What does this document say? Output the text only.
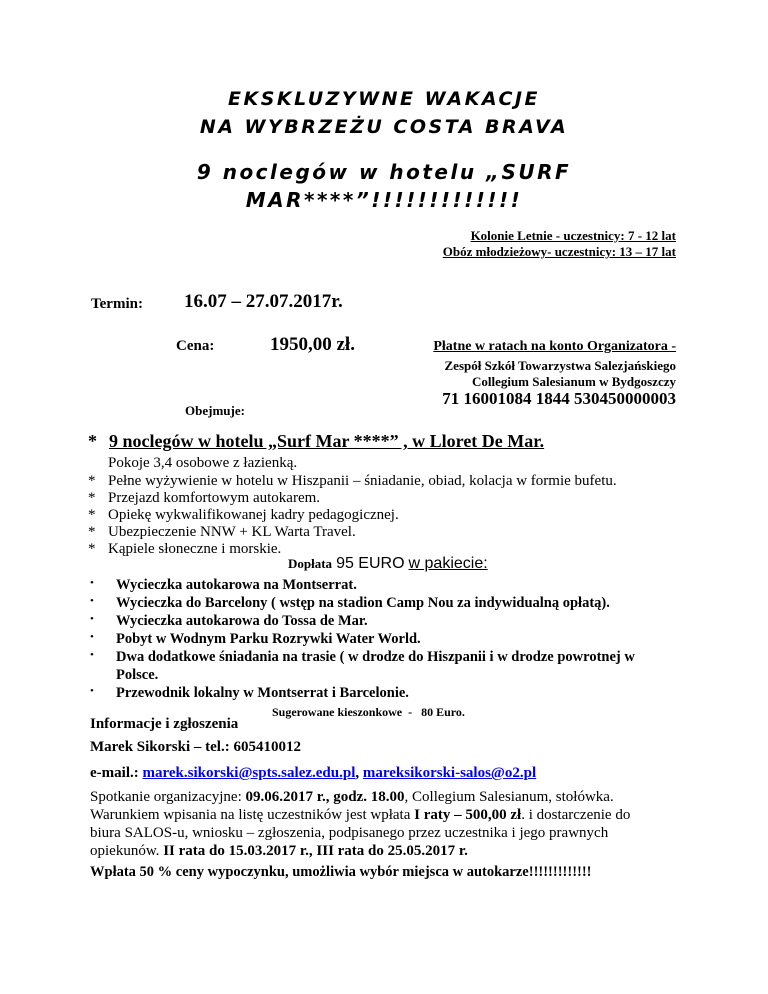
EKSKLUZYWNE WAKACJE
NA WYBRZEŻU COSTA BRAVA
9 noclegów w hotelu „SURF
MAR****”!!!!!!!!!!!!!
Kolonie Letnie - uczestnicy: 7 - 12 lat
Obóz młodzieżowy- uczestnicy: 13 – 17 lat
Termin: 16.07 – 27.07.2017r.
Cena:	1950,00 zł.	Płatne w ratach na konto Organizatora -
Zespół Szkół Towarzystwa Salezjańskiego
Collegium Salesianum w Bydgoszczy
71 16001084 1844 530450000003
Obejmuje:
* 9 noclegów w hotelu „Surf Mar ****” , w Lloret De Mar.
Pokoje 3,4 osobowe z łazienką.
* Pełne wyżywienie w hotelu w Hiszpanii – śniadanie, obiad, kolacja w formie bufetu.
* Przejazd komfortowym autokarem.
* Opiekę wykwalifikowanej kadry pedagogicznej.
* Ubezpieczenie NNW + KL Warta Travel.
* Kąpiele słoneczne i morskie.
Dopłata 95 EURO w pakiecie:
• Wycieczka autokarowa na Montserrat.
• Wycieczka do Barcelony ( wstęp na stadion Camp Nou za indywidualną opłatą).
• Wycieczka autokarowa do Tossa de Mar.
• Pobyt w Wodnym Parku Rozrywki Water World.
• Dwa dodatkowe śniadania na trasie ( w drodze do Hiszpanii i w drodze powrotnej w
Polsce.
• Przewodnik lokalny w Montserrat i Barcelonie.
Sugerowane kieszonkowe  -   80 Euro.
Informacje i zgłoszenia
Marek Sikorski – tel.: 605410012
e-mail.: marek.sikorski@spts.salez.edu.pl, mareksikorski-salos@o2.pl
Spotkanie organizacyjne: 09.06.2017 r., godz. 18.00, Collegium Salesianum, stołówka.
Warunkiem wpisania na listę uczestników jest wpłata I raty – 500,00 zł. i dostarczenie do
biura SALOS-u, wniosku – zgłoszenia, podpisanego przez uczestnika i jego prawnych
opiekunów. II rata do 15.03.2017 r., III rata do 25.05.2017 r.
Wpłata 50 % ceny wypoczynku, umożliwia wybór miejsca w autokarze!!!!!!!!!!!!!
